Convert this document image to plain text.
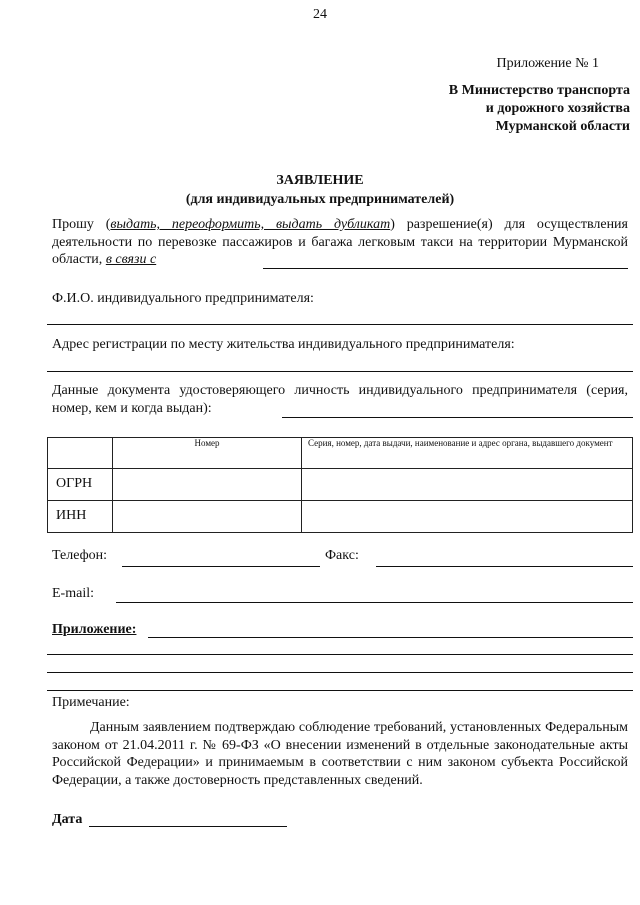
24
Приложение № 1
В Министерство транспорта
и дорожного хозяйства
Мурманской области
ЗАЯВЛЕНИЕ
(для индивидуальных предпринимателей)
Прошу (выдать, переоформить, выдать дубликат) разрешение(я) для осуществления деятельности по перевозке пассажиров и багажа легковым такси на территории Мурманской области, в связи с
Ф.И.О. индивидуального предпринимателя:
Адрес регистрации по месту жительства индивидуального предпринимателя:
Данные документа удостоверяющего личность индивидуального предпринимателя (серия, номер, кем и когда выдан):
	Номер	Серия, номер, дата выдачи, наименование и адрес органа, выдавшего документ
ОГРН		
ИНН		
Телефон:	Факс:
E-mail:
Приложение:
Примечание:
Данным заявлением подтверждаю соблюдение требований, установленных Федеральным законом от 21.04.2011 г. № 69-ФЗ «О внесении изменений в отдельные законодательные акты Российской Федерации» и принимаемым в соответствии с ним законом субъекта Российской Федерации, а также достоверность представленных сведений.
Дата
